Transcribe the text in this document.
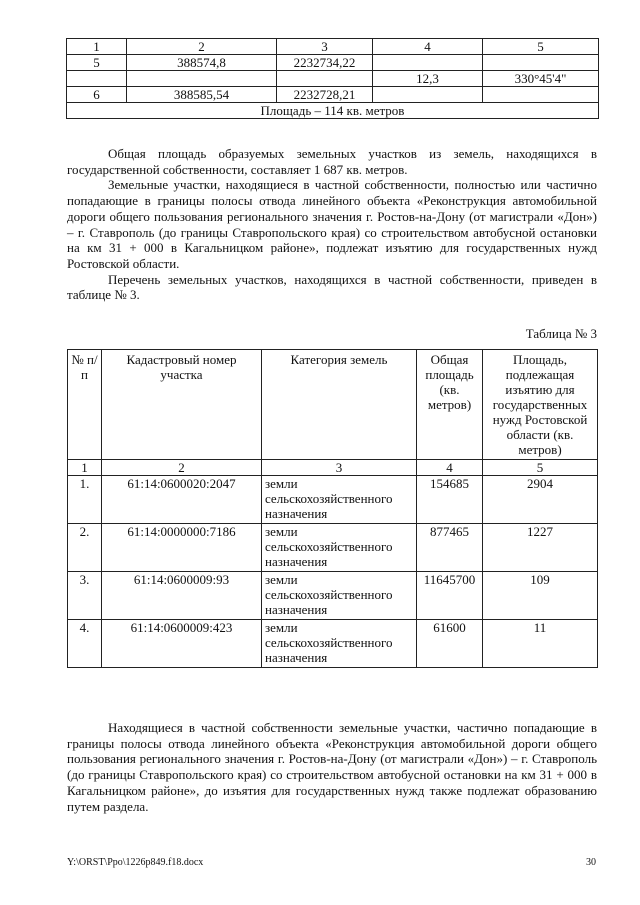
1	2	3	4	5
5	388574,8	2232734,22		
			12,3	330°45'4"
6	388585,54	2232728,21		
Площадь – 114 кв. метров				

Общая площадь образуемых земельных участков из земель, находящихся в государственной собственности, составляет 1 687 кв. метров.

Земельные участки, находящиеся в частной собственности, полностью или частично попадающие в границы полосы отвода линейного объекта «Реконструкция автомобильной дороги общего пользования регионального значения г. Ростов-на-Дону (от магистрали «Дон») – г. Ставрополь (до границы Ставропольского края) со строительством автобусной остановки на км 31 + 000 в Кагальницком районе», подлежат изъятию для государственных нужд Ростовской области.

Перечень земельных участков, находящихся в частной собственности, приведен в таблице № 3.

Таблица № 3
№ п/п	Кадастровый номер участка	Категория земель	Общая площадь (кв. метров)	Площадь, подлежащая изъятию для государственных нужд Ростовской области (кв. метров)
1	2	3	4	5
1.	61:14:0600020:2047	земли сельскохозяйственного назначения	154685	2904
2.	61:14:0000000:7186	земли сельскохозяйственного назначения	877465	1227
3.	61:14:0600009:93	земли сельскохозяйственного назначения	11645700	109
4.	61:14:0600009:423	земли сельскохозяйственного назначения	61600	11

Находящиеся в частной собственности земельные участки, частично попадающие в границы полосы отвода линейного объекта «Реконструкция автомобильной дороги общего пользования регионального значения г. Ростов-на-Дону (от магистрали «Дон») – г. Ставрополь (до границы Ставропольского края) со строительством автобусной остановки на км 31 + 000 в Кагальницком районе», до изъятия для государственных нужд также подлежат образованию путем раздела.

Y:\ORST\Ppo\1226p849.f18.docx	30
